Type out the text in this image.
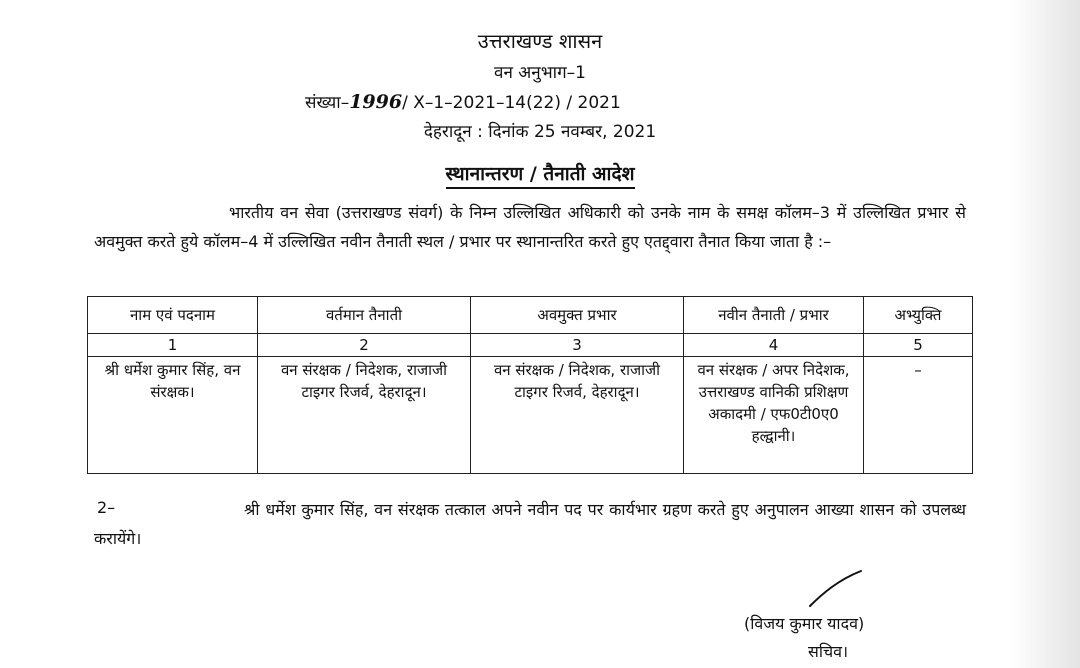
उत्तराखण्ड शासन
वन अनुभाग–1
संख्या–1996/ X–1–2021–14(22) / 2021
देहरादून : दिनांक 25 नवम्बर, 2021
स्थानान्तरण / तैनाती आदेश
भारतीय वन सेवा (उत्तराखण्ड संवर्ग) के निम्न उल्लिखित अधिकारी को उनके नाम के समक्ष कॉलम–3 में उल्लिखित प्रभार से अवमुक्त करते हुये कॉलम–4 में उल्लिखित नवीन तैनाती स्थल / प्रभार पर स्थानान्तरित करते हुए एतद्द्वारा तैनात किया जाता है :–
नाम एवं पदनाम	वर्तमान तैनाती	अवमुक्त प्रभार	नवीन तैनाती / प्रभार	अभ्युक्ति
1	2	3	4	5
श्री धर्मेश कुमार सिंह, वन संरक्षक।	वन संरक्षक / निदेशक, राजाजी टाइगर रिजर्व, देहरादून।	वन संरक्षक / निदेशक, राजाजी टाइगर रिजर्व, देहरादून।	वन संरक्षक / अपर निदेशक, उत्तराखण्ड वानिकी प्रशिक्षण अकादमी / एफ0टी0ए0 हल्द्वानी।	–
2–	श्री धर्मेश कुमार सिंह, वन संरक्षक तत्काल अपने नवीन पद पर कार्यभार ग्रहण करते हुए अनुपालन आख्या शासन को उपलब्ध करायेंगे।
(विजय कुमार यादव)
सचिव।
